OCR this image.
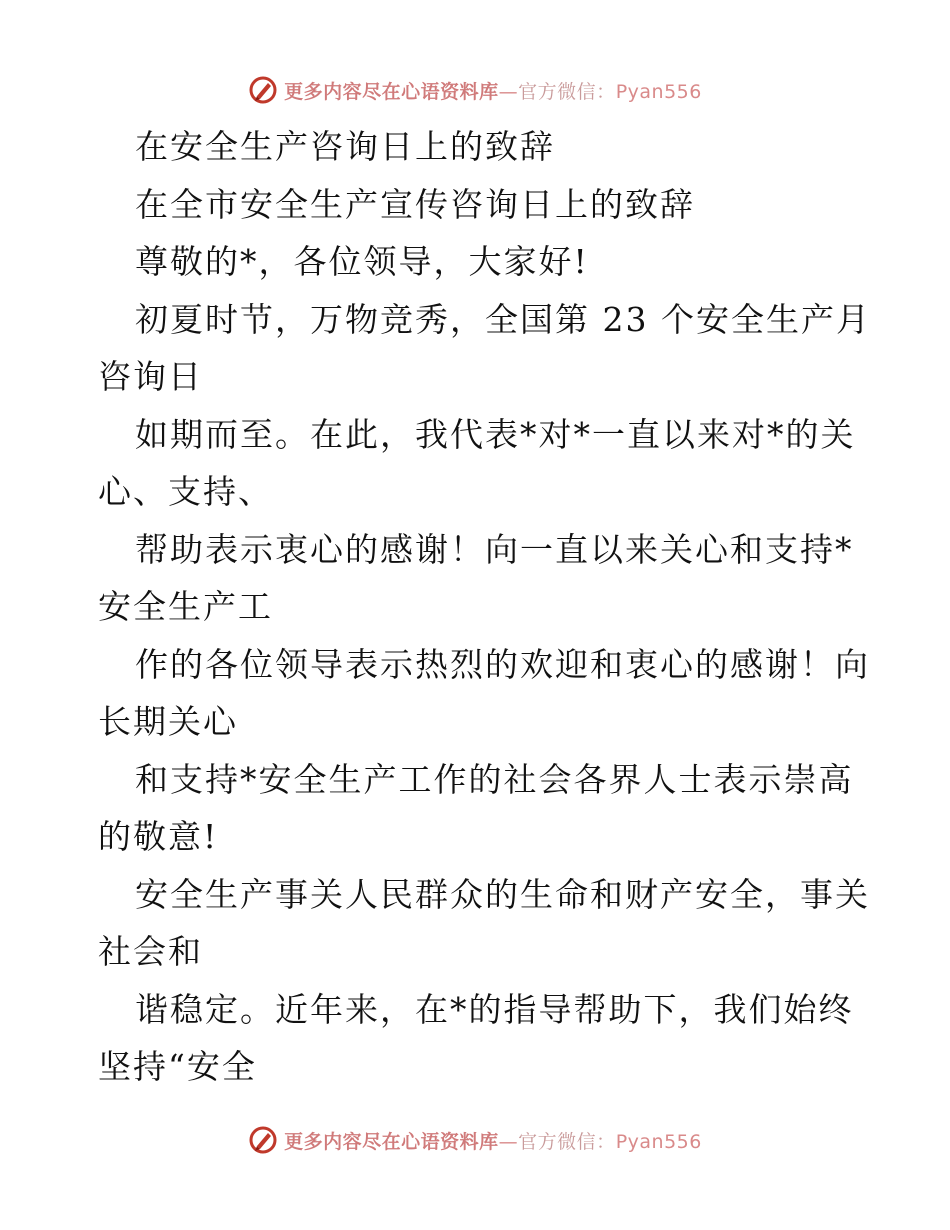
更多内容尽在心语资料库—官方微信：Pyan556
在安全生产咨询日上的致辞
在全市安全生产宣传咨询日上的致辞
尊敬的*，各位领导，大家好!
初夏时节，万物竞秀，全国第 23 个安全生产月
咨询日
如期而至。在此，我代表*对*一直以来对*的关
心、支持、
帮助表示衷心的感谢！向一直以来关心和支持*
安全生产工
作的各位领导表示热烈的欢迎和衷心的感谢！向
长期关心
和支持*安全生产工作的社会各界人士表示崇高
的敬意!
安全生产事关人民群众的生命和财产安全，事关
社会和
谐稳定。近年来，在*的指导帮助下，我们始终
坚持“安全
更多内容尽在心语资料库—官方微信：Pyan556
